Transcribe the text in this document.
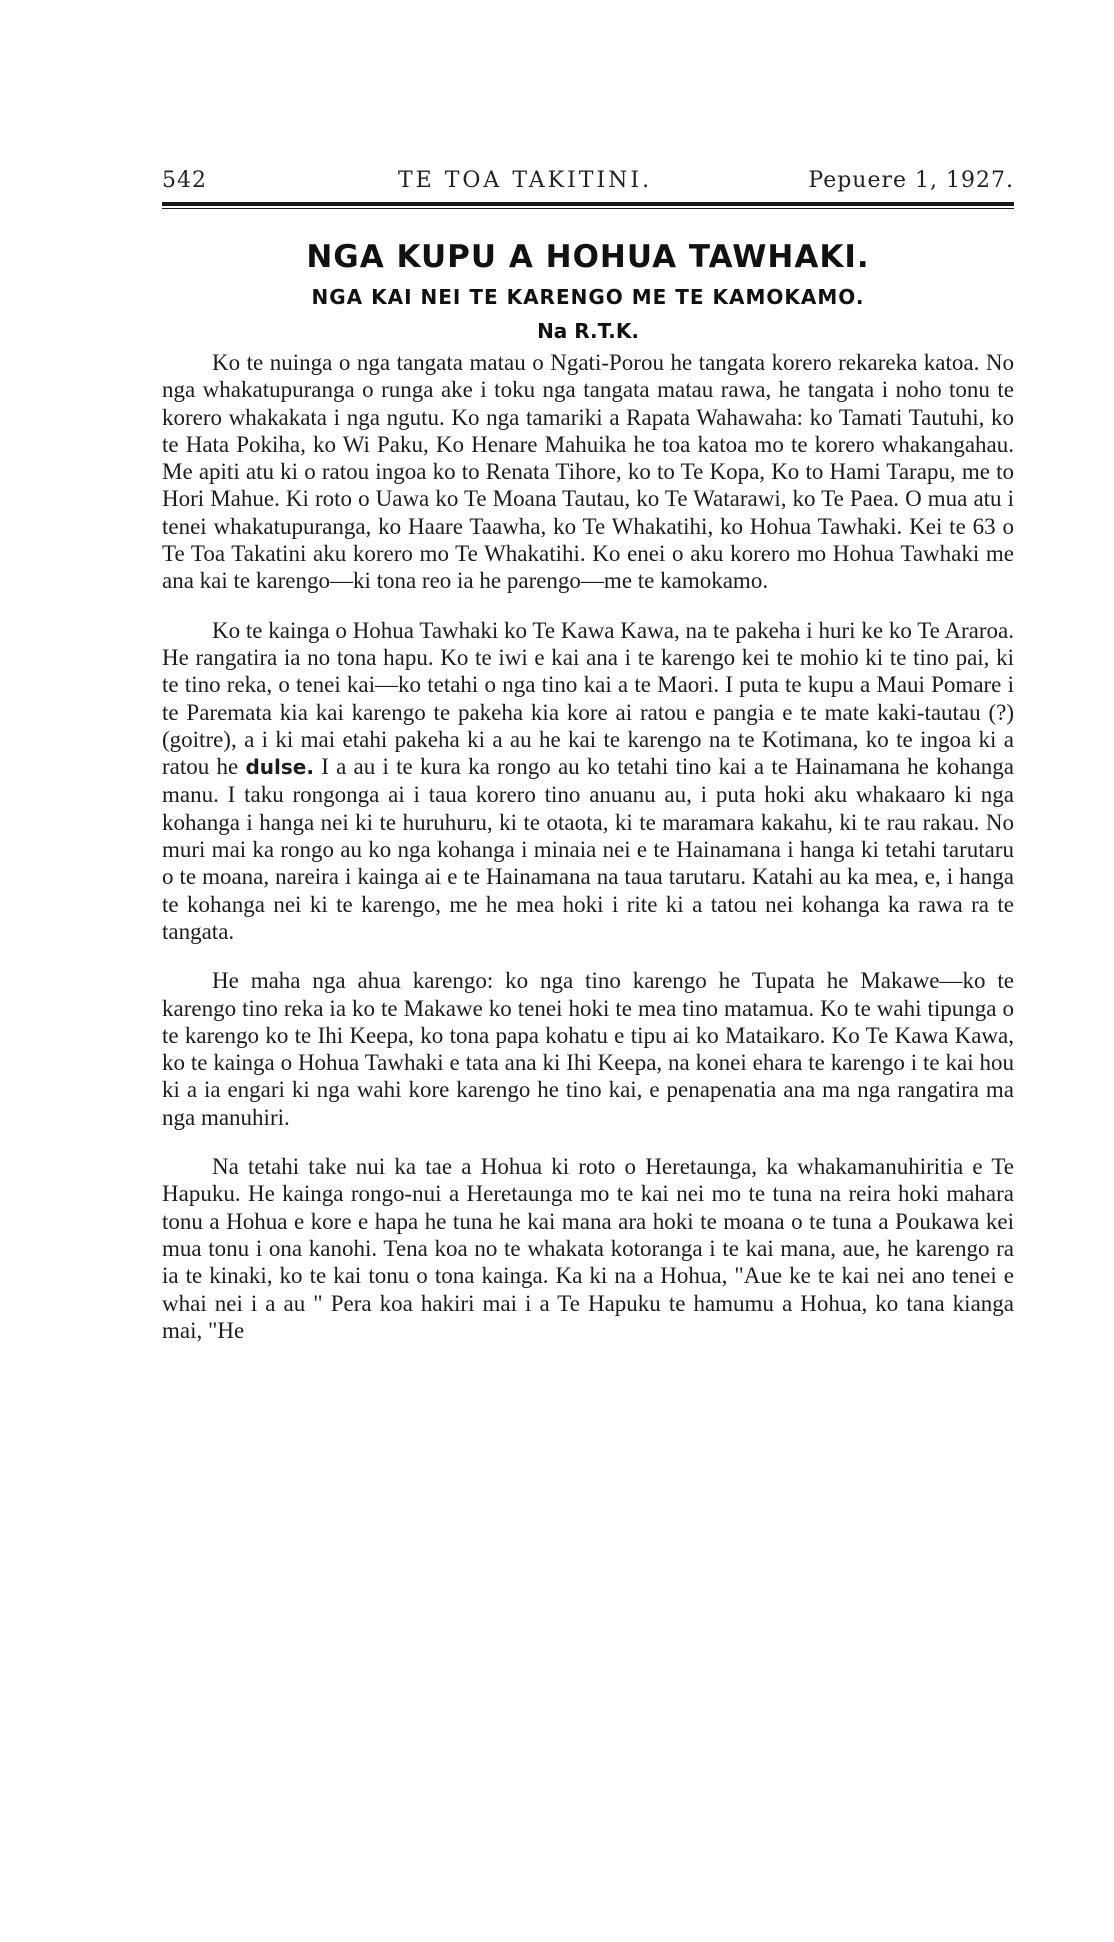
542	TE TOA TAKITINI.	Pepuere 1, 1927.
NGA KUPU A HOHUA TAWHAKI.
NGA KAI NEI TE KARENGO ME TE KAMOKAMO.
Na R.T.K.

Ko te nuinga o nga tangata matau o Ngati-Porou he tangata korero rekareka katoa. No nga whakatupuranga o runga ake i toku nga tangata matau rawa, he tangata i noho tonu te korero whakakata i nga ngutu. Ko nga tamariki a Rapata Wahawaha: ko Tamati Tautuhi, ko te Hata Pokiha, ko Wi Paku, Ko Henare Mahuika he toa katoa mo te korero whakangahau. Me apiti atu ki o ratou ingoa ko to Renata Tihore, ko to Te Kopa, Ko to Hami Tarapu, me to Hori Mahue. Ki roto o Uawa ko Te Moana Tautau, ko Te Watarawi, ko Te Paea. O mua atu i tenei whakatupuranga, ko Haare Taawha, ko Te Whakatihi, ko Hohua Tawhaki. Kei te 63 o Te Toa Takatini aku korero mo Te Whakatihi. Ko enei o aku korero mo Hohua Tawhaki me ana kai te karengo—ki tona reo ia he parengo—me te kamokamo.

Ko te kainga o Hohua Tawhaki ko Te Kawa Kawa, na te pakeha i huri ke ko Te Araroa. He rangatira ia no tona hapu. Ko te iwi e kai ana i te karengo kei te mohio ki te tino pai, ki te tino reka, o tenei kai—ko tetahi o nga tino kai a te Maori. I puta te kupu a Maui Pomare i te Paremata kia kai karengo te pakeha kia kore ai ratou e pangia e te mate kaki-tautau (?) (goitre), a i ki mai etahi pakeha ki a au he kai te karengo na te Kotimana, ko te ingoa ki a ratou he dulse. I a au i te kura ka rongo au ko tetahi tino kai a te Hainamana he kohanga manu. I taku rongonga ai i taua korero tino anuanu au, i puta hoki aku whakaaro ki nga kohanga i hanga nei ki te huruhuru, ki te otaota, ki te maramara kakahu, ki te rau rakau. No muri mai ka rongo au ko nga kohanga i minaia nei e te Hainamana i hanga ki tetahi tarutaru o te moana, nareira i kainga ai e te Hainamana na taua tarutaru. Katahi au ka mea, e, i hanga te kohanga nei ki te karengo, me he mea hoki i rite ki a tatou nei kohanga ka rawa ra te tangata.

He maha nga ahua karengo: ko nga tino karengo he Tupata he Makawe—ko te karengo tino reka ia ko te Makawe ko tenei hoki te mea tino matamua. Ko te wahi tipunga o te karengo ko te Ihi Keepa, ko tona papa kohatu e tipu ai ko Mataikaro. Ko Te Kawa Kawa, ko te kainga o Hohua Tawhaki e tata ana ki Ihi Keepa, na konei ehara te karengo i te kai hou ki a ia engari ki nga wahi kore karengo he tino kai, e penapenatia ana ma nga rangatira ma nga manuhiri.

Na tetahi take nui ka tae a Hohua ki roto o Heretaunga, ka whakamanuhiritia e Te Hapuku. He kainga rongo-nui a Heretaunga mo te kai nei mo te tuna na reira hoki mahara tonu a Hohua e kore e hapa he tuna he kai mana ara hoki te moana o te tuna a Poukawa kei mua tonu i ona kanohi. Tena koa no te whakata kotoranga i te kai mana, aue, he karengo ra ia te kinaki, ko te kai tonu o tona kainga. Ka ki na a Hohua, "Aue ke te kai nei ano tenei e whai nei i a au " Pera koa hakiri mai i a Te Hapuku te hamumu a Hohua, ko tana kianga mai, "He
